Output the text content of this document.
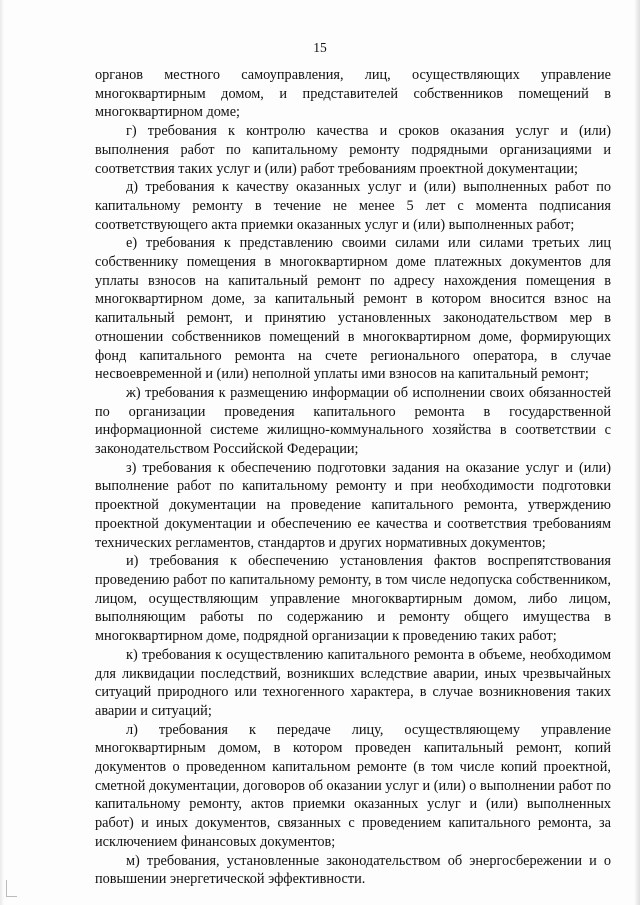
15

органов местного самоуправления, лиц, осуществляющих управление многоквартирным домом, и представителей собственников помещений в многоквартирном доме;

г) требования к контролю качества и сроков оказания услуг и (или) выполнения работ по капитальному ремонту подрядными организациями и соответствия таких услуг и (или) работ требованиям проектной документации;

д) требования к качеству оказанных услуг и (или) выполненных работ по капитальному ремонту в течение не менее 5 лет с момента подписания соответствующего акта приемки оказанных услуг и (или) выполненных работ;

е) требования к представлению своими силами или силами третьих лиц собственнику помещения в многоквартирном доме платежных документов для уплаты взносов на капитальный ремонт по адресу нахождения помещения в многоквартирном доме, за капитальный ремонт в котором вносится взнос на капитальный ремонт, и принятию установленных законодательством мер в отношении собственников помещений в многоквартирном доме, формирующих фонд капитального ремонта на счете регионального оператора, в случае несвоевременной и (или) неполной уплаты ими взносов на капитальный ремонт;

ж) требования к размещению информации об исполнении своих обязанностей по организации проведения капитального ремонта в государственной информационной системе жилищно-коммунального хозяйства в соответствии с законодательством Российской Федерации;

з) требования к обеспечению подготовки задания на оказание услуг и (или) выполнение работ по капитальному ремонту и при необходимости подготовки проектной документации на проведение капитального ремонта, утверждению проектной документации и обеспечению ее качества и соответствия требованиям технических регламентов, стандартов и других нормативных документов;

и) требования к обеспечению установления фактов воспрепятствования проведению работ по капитальному ремонту, в том числе недопуска собственником, лицом, осуществляющим управление многоквартирным домом, либо лицом, выполняющим работы по содержанию и ремонту общего имущества в многоквартирном доме, подрядной организации к проведению таких работ;

к) требования к осуществлению капитального ремонта в объеме, необходимом для ликвидации последствий, возникших вследствие аварии, иных чрезвычайных ситуаций природного или техногенного характера, в случае возникновения таких аварии и ситуаций;

л) требования к передаче лицу, осуществляющему управление многоквартирным домом, в котором проведен капитальный ремонт, копий документов о проведенном капитальном ремонте (в том числе копий проектной, сметной документации, договоров об оказании услуг и (или) о выполнении работ по капитальному ремонту, актов приемки оказанных услуг и (или) выполненных работ) и иных документов, связанных с проведением капитального ремонта, за исключением финансовых документов;

м) требования, установленные законодательством об энергосбережении и о повышении энергетической эффективности.
